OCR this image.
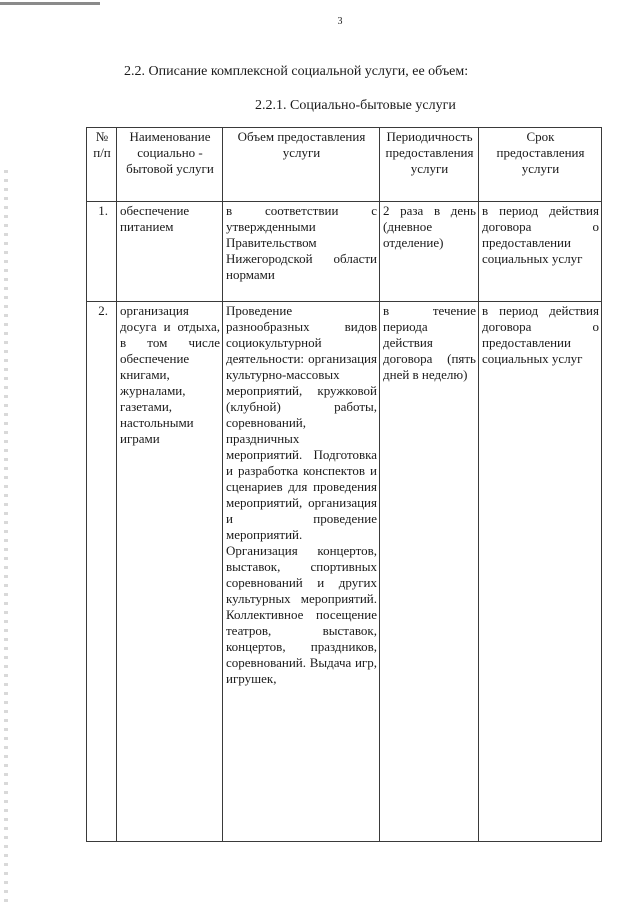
3
2.2. Описание комплексной социальной услуги, ее объем:
2.2.1. Социально-бытовые услуги
№ п/п	Наименование социально - бытовой услуги	Объем предоставления услуги	Периодичность предоставления услуги	Срок предоставления услуги
1.	обеспечение питанием	в соответствии с утвержденными Правительством Нижегородской области нормами	2 раза в день (дневное отделение)	в период действия договора о предоставлении социальных услуг
2.	организация досуга и отдыха, в том числе обеспечение книгами, журналами, газетами, настольными играми	Проведение разнообразных видов социокультурной деятельности: организация культурно-массовых мероприятий, кружковой (клубной) работы, соревнований, праздничных мероприятий. Подготовка и разработка конспектов и сценариев для проведения мероприятий, организация и проведение мероприятий. Организация концертов, выставок, спортивных соревнований и других культурных мероприятий. Коллективное посещение театров, выставок, концертов, праздников, соревнований. Выдача игр, игрушек,	в течение периода действия договора (пять дней в неделю)	в период действия договора о предоставлении социальных услуг
